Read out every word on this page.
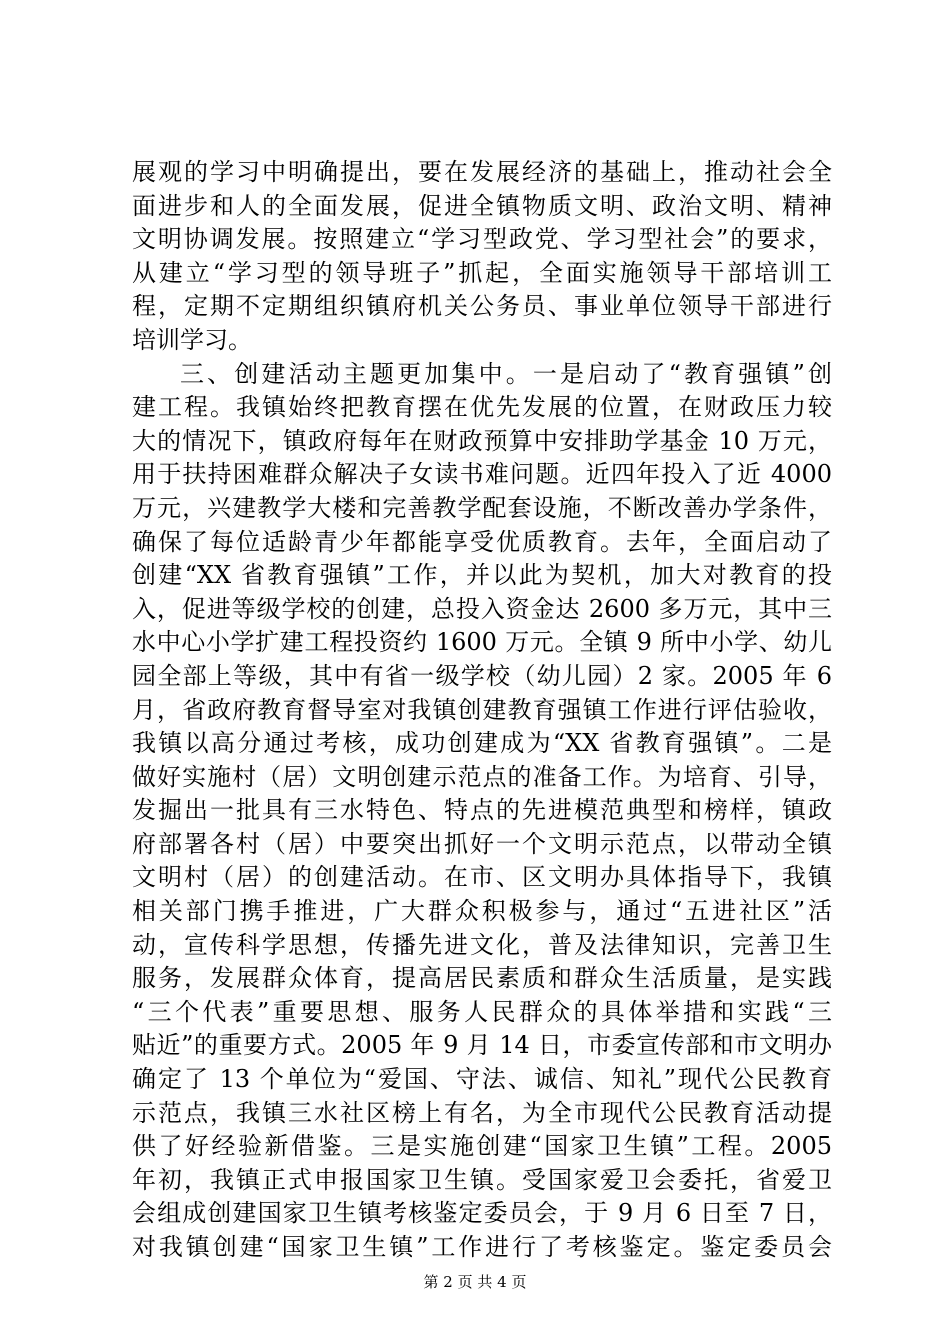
展观的学习中明确提出，要在发展经济的基础上，推动社会全
面进步和人的全面发展，促进全镇物质文明、政治文明、精神
文明协调发展。按照建立“学习型政党、学习型社会”的要求，
从建立“学习型的领导班子”抓起，全面实施领导干部培训工
程，定期不定期组织镇府机关公务员、事业单位领导干部进行
培训学习。
三、创建活动主题更加集中。一是启动了“教育强镇”创
建工程。我镇始终把教育摆在优先发展的位置，在财政压力较
大的情况下，镇政府每年在财政预算中安排助学基金 10 万元，
用于扶持困难群众解决子女读书难问题。近四年投入了近 4000
万元，兴建教学大楼和完善教学配套设施，不断改善办学条件，
确保了每位适龄青少年都能享受优质教育。去年，全面启动了
创建“XX 省教育强镇”工作，并以此为契机，加大对教育的投
入，促进等级学校的创建，总投入资金达 2600 多万元，其中三
水中心小学扩建工程投资约 1600 万元。全镇 9 所中小学、幼儿
园全部上等级，其中有省一级学校（幼儿园）2 家。2005 年 6
月，省政府教育督导室对我镇创建教育强镇工作进行评估验收，
我镇以高分通过考核，成功创建成为“XX 省教育强镇”。二是
做好实施村（居）文明创建示范点的准备工作。为培育、引导，
发掘出一批具有三水特色、特点的先进模范典型和榜样，镇政
府部署各村（居）中要突出抓好一个文明示范点，以带动全镇
文明村（居）的创建活动。在市、区文明办具体指导下，我镇
相关部门携手推进，广大群众积极参与，通过“五进社区”活
动，宣传科学思想，传播先进文化，普及法律知识，完善卫生
服务，发展群众体育，提高居民素质和群众生活质量，是实践
“三个代表”重要思想、服务人民群众的具体举措和实践“三
贴近”的重要方式。2005 年 9 月 14 日，市委宣传部和市文明办
确定了 13 个单位为“爱国、守法、诚信、知礼”现代公民教育
示范点，我镇三水社区榜上有名，为全市现代公民教育活动提
供了好经验新借鉴。三是实施创建“国家卫生镇”工程。2005
年初，我镇正式申报国家卫生镇。受国家爱卫会委托，省爱卫
会组成创建国家卫生镇考核鉴定委员会，于 9 月 6 日至 7 日，
对我镇创建“国家卫生镇”工作进行了考核鉴定。鉴定委员会
第 2 页 共 4 页
